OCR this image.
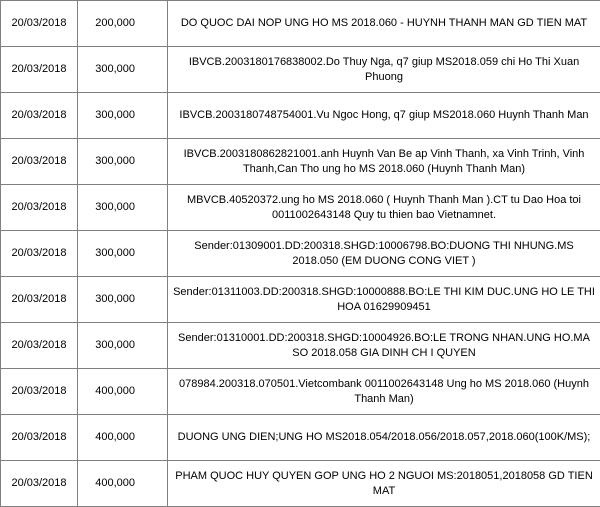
20/03/2018	200,000	DO QUOC DAI NOP UNG HO MS 2018.060 - HUYNH THANH MAN GD TIEN MAT
20/03/2018	300,000	IBVCB.2003180176838002.Do Thuy Nga, q7 giup MS2018.059 chi Ho Thi Xuan Phuong
20/03/2018	300,000	IBVCB.2003180748754001.Vu Ngoc Hong, q7 giup MS2018.060 Huynh Thanh Man
20/03/2018	300,000	IBVCB.2003180862821001.anh Huynh Van Be ap Vinh Thanh, xa Vinh Trinh, Vinh Thanh,Can Tho ung ho MS 2018.060 (Huynh Thanh Man)
20/03/2018	300,000	MBVCB.40520372.ung ho MS 2018.060 ( Huynh Thanh Man ).CT tu Dao Hoa toi 0011002643148 Quy tu thien bao Vietnamnet.
20/03/2018	300,000	Sender:01309001.DD:200318.SHGD:10006798.BO:DUONG THI NHUNG.MS 2018.050 (EM DUONG CONG VIET )
20/03/2018	300,000	Sender:01311003.DD:200318.SHGD:10000888.BO:LE THI KIM DUC.UNG HO LE THI HOA 01629909451
20/03/2018	300,000	Sender:01310001.DD:200318.SHGD:10004926.BO:LE TRONG NHAN.UNG HO.MA SO 2018.058 GIA DINH CH I QUYEN
20/03/2018	400,000	078984.200318.070501.Vietcombank 0011002643148 Ung ho MS 2018.060 (Huynh Thanh Man)
20/03/2018	400,000	DUONG UNG DIEN;UNG HO MS2018.054/2018.056/2018.057,2018.060(100K/MS);
20/03/2018	400,000	PHAM QUOC HUY QUYEN GOP UNG HO 2 NGUOI MS:2018051,2018058 GD TIEN MAT
